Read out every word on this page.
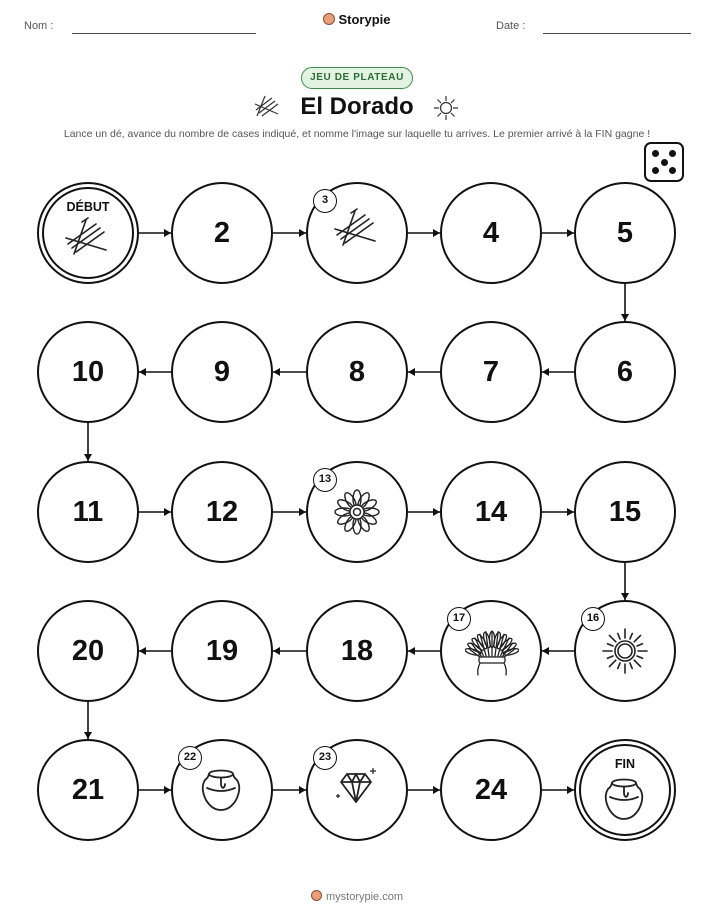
Nom :	Storypie	Date :
JEU DE PLATEAU
El Dorado
Lance un dé, avance du nombre de cases indiqué, et nomme l'image sur laquelle tu arrives. Le premier arrivé à la FIN gagne !
DÉBUT
2
3
4	5
6
7
8
9
10
11	12
13
14	15
16
17
18
19
20
21
22	23
24
FIN
mystorypie.com
